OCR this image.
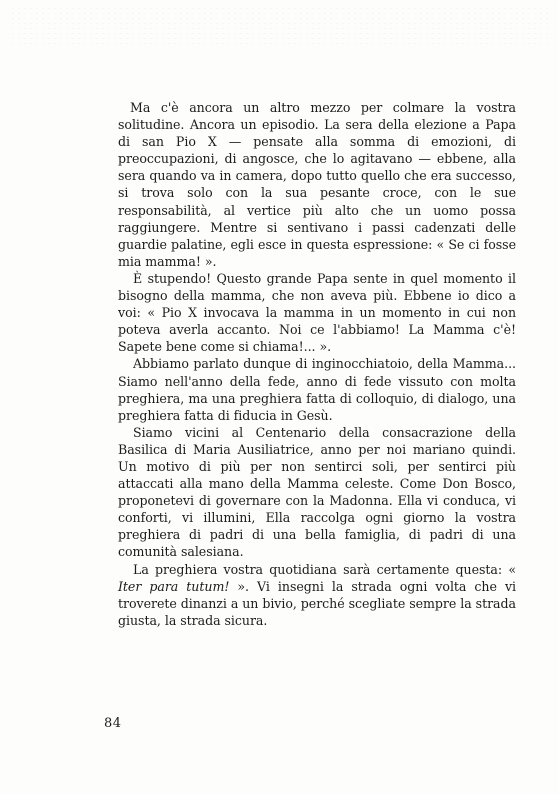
Ma c'è ancora un altro mezzo per colmare la vostra solitudine. Ancora un episodio. La sera della elezione a Papa di san Pio X — pensate alla somma di emozioni, di preoccupazioni, di angosce, che lo agitavano — ebbene, alla sera quando va in camera, dopo tutto quello che era successo, si trova solo con la sua pesante croce, con le sue responsabilità, al vertice più alto che un uomo possa raggiungere. Mentre si sentivano i passi cadenzati delle guardie palatine, egli esce in questa espressione: « Se ci fosse mia mamma! ».

È stupendo! Questo grande Papa sente in quel momento il bisogno della mamma, che non aveva più. Ebbene io dico a voi: « Pio X invocava la mamma in un momento in cui non poteva averla accanto. Noi ce l'abbiamo! La Mamma c'è! Sapete bene come si chiama!... ».

Abbiamo parlato dunque di inginocchiatoio, della Mamma... Siamo nell'anno della fede, anno di fede vissuto con molta preghiera, ma una preghiera fatta di colloquio, di dialogo, una preghiera fatta di fiducia in Gesù.

Siamo vicini al Centenario della consacrazione della Basilica di Maria Ausiliatrice, anno per noi mariano quindi. Un motivo di più per non sentirci soli, per sentirci più attaccati alla mano della Mamma celeste. Come Don Bosco, proponetevi di governare con la Madonna. Ella vi conduca, vi conforti, vi illumini, Ella raccolga ogni giorno la vostra preghiera di padri di una bella famiglia, di padri di una comunità salesiana.

La preghiera vostra quotidiana sarà certamente questa: « Iter para tutum! ». Vi insegni la strada ogni volta che vi troverete dinanzi a un bivio, perché scegliate sempre la strada giusta, la strada sicura.

84
